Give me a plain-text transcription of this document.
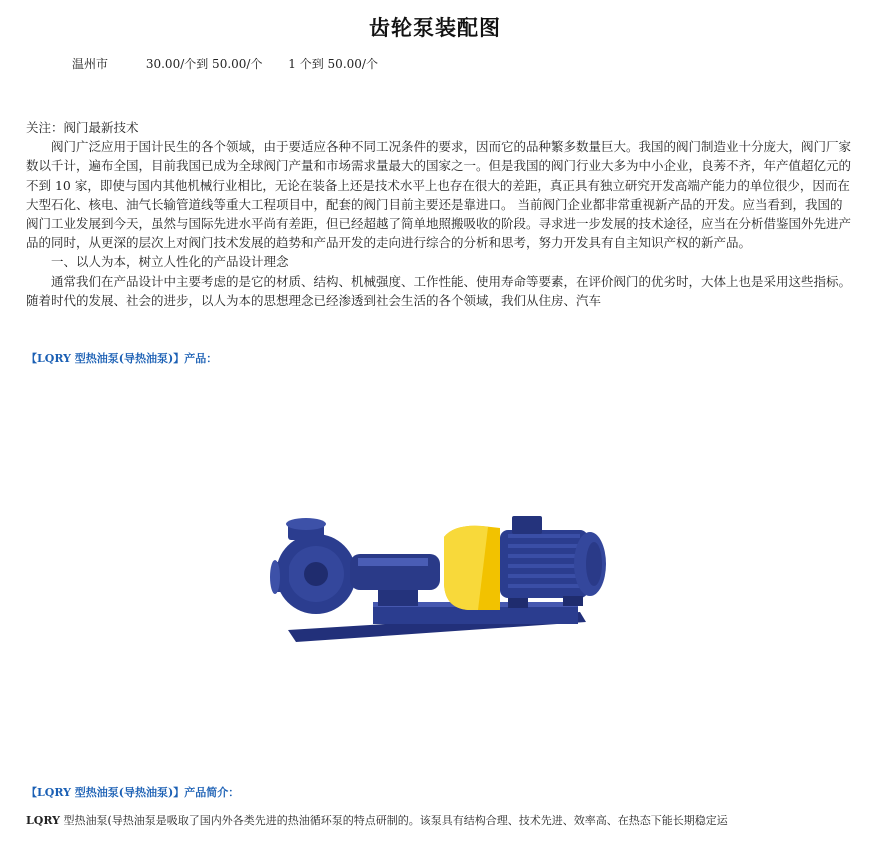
齿轮泵装配图
温州市	30.00/个到 50.00/个 1 个到 50.00/个

关注：阀门最新技术

阀门广泛应用于国计民生的各个领域，由于要适应各种不同工况条件的要求，因而它的品种繁多数量巨大。我国的阀门制造业十分庞大，阀门厂家数以千计，遍布全国，目前我国已成为全球阀门产量和市场需求量最大的国家之一。但是我国的阀门行业大多为中小企业，良莠不齐，年产值超亿元的不到 10 家，即使与国内其他机械行业相比，无论在装备上还是技术水平上也存在很大的差距，真正具有独立研究开发高端产能力的单位很少，因而在大型石化、核电、油气长输管道线等重大工程项目中，配套的阀门目前主要还是靠进口。 当前阀门企业都非常重视新产品的开发。应当看到，我国的阀门工业发展到今天，虽然与国际先进水平尚有差距，但已经超越了简单地照搬吸收的阶段。寻求进一步发展的技术途径，应当在分析借鉴国外先进产品的同时，从更深的层次上对阀门技术发展的趋势和产品开发的走向进行综合的分析和思考，努力开发具有自主知识产权的新产品。

一、以人为本，树立人性化的产品设计理念

通常我们在产品设计中主要考虑的是它的材质、结构、机械强度、工作性能、使用寿命等要素，在评价阀门的优劣时，大体上也是采用这些指标。随着时代的发展、社会的进步，以人为本的思想理念已经渗透到社会生活的各个领域，我们从住房、汽车

【LQRY 型热油泵(导热油泵)】产品：
【LQRY 型热油泵(导热油泵)】产品简介：
LQRY 型热油泵(导热油泵是吸取了国内外各类先进的热油循环泵的特点研制的。该泵具有结构合理、技术先进、效率高、在热态下能长期稳定运
